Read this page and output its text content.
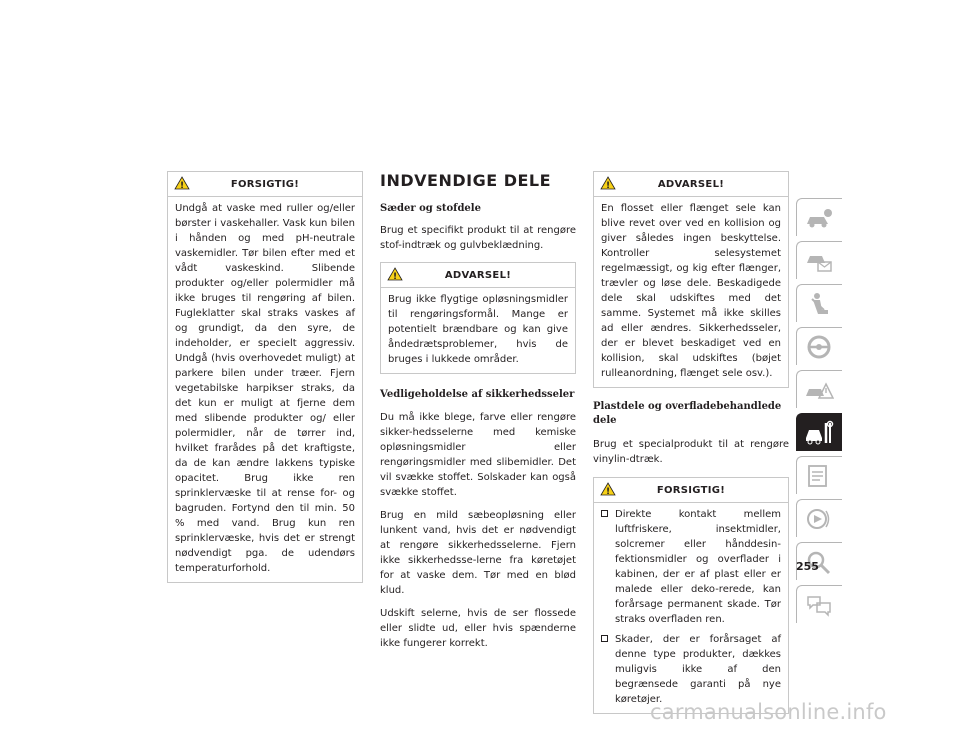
!	FORSIGTIG!

Undgå at vaske med ruller og/eller børster i vaskehaller. Vask kun bilen i hånden og med pH-neutrale vaskemidler. Tør bilen efter med et vådt vaskeskind. Slibende produkter og/eller polermidler må ikke bruges til rengøring af bilen. Fugleklatter skal straks vaskes af og grundigt, da den syre, de indeholder, er specielt aggressiv. Undgå (hvis overhovedet muligt) at parkere bilen under træer. Fjern vegetabilske harpikser straks, da det kun er muligt at fjerne dem med slibende produkter og/ eller polermidler, når de tørrer ind, hvilket frarådes på det kraftigste, da de kan ændre lakkens typiske opacitet. Brug ikke ren sprinklervæske til at rense for- og bagruden. Fortynd den til min. 50 % med vand. Brug kun ren sprinklervæske, hvis det er strengt nødvendigt pga. de udendørs temperaturforhold.

INDVENDIGE DELE
Sæder og stofdele

Brug et specifikt produkt til at rengøre stof-indtræk og gulvbeklædning.

!	ADVARSEL!

Brug ikke flygtige opløsningsmidler til rengøringsformål. Mange er potentielt brændbare og kan give åndedrætsproblemer, hvis de bruges i lukkede områder.

Vedligeholdelse af sikkerhedsseler

Du må ikke blege, farve eller rengøre sikker-hedsselerne med kemiske opløsningsmidler eller rengøringsmidler med slibemidler. Det vil svække stoffet. Solskader kan også svække stoffet.

Brug en mild sæbeopløsning eller lunkent vand, hvis det er nødvendigt at rengøre sikkerhedsselerne. Fjern ikke sikkerhedsse-lerne fra køretøjet for at vaske dem. Tør med en blød klud.

Udskift selerne, hvis de ser flossede eller slidte ud, eller hvis spænderne ikke fungerer korrekt.

!	ADVARSEL!

En flosset eller flænget sele kan blive revet over ved en kollision og giver således ingen beskyttelse. Kontroller selesystemet regelmæssigt, og kig efter flænger, trævler og løse dele. Beskadigede dele skal udskiftes med det samme. Systemet må ikke skilles ad eller ændres. Sikkerhedsseler, der er blevet beskadiget ved en kollision, skal udskiftes (bøjet rulleanordning, flænget sele osv.).

Plastdele og overfladebehandlede dele

Brug et specialprodukt til at rengøre vinylin-dtræk.

!	FORSIGTIG!
Direkte kontakt mellem luftfriskere, insektmidler, solcremer eller hånddesin-fektionsmidler og overflader i kabinen, der er af plast eller er malede eller deko-rerede, kan forårsage permanent skade. Tør straks overfladen ren.
Skader, der er forårsaget af denne type produkter, dækkes muligvis ikke af den begrænsede garanti på nye køretøjer.
255
carmanualsonline.info
